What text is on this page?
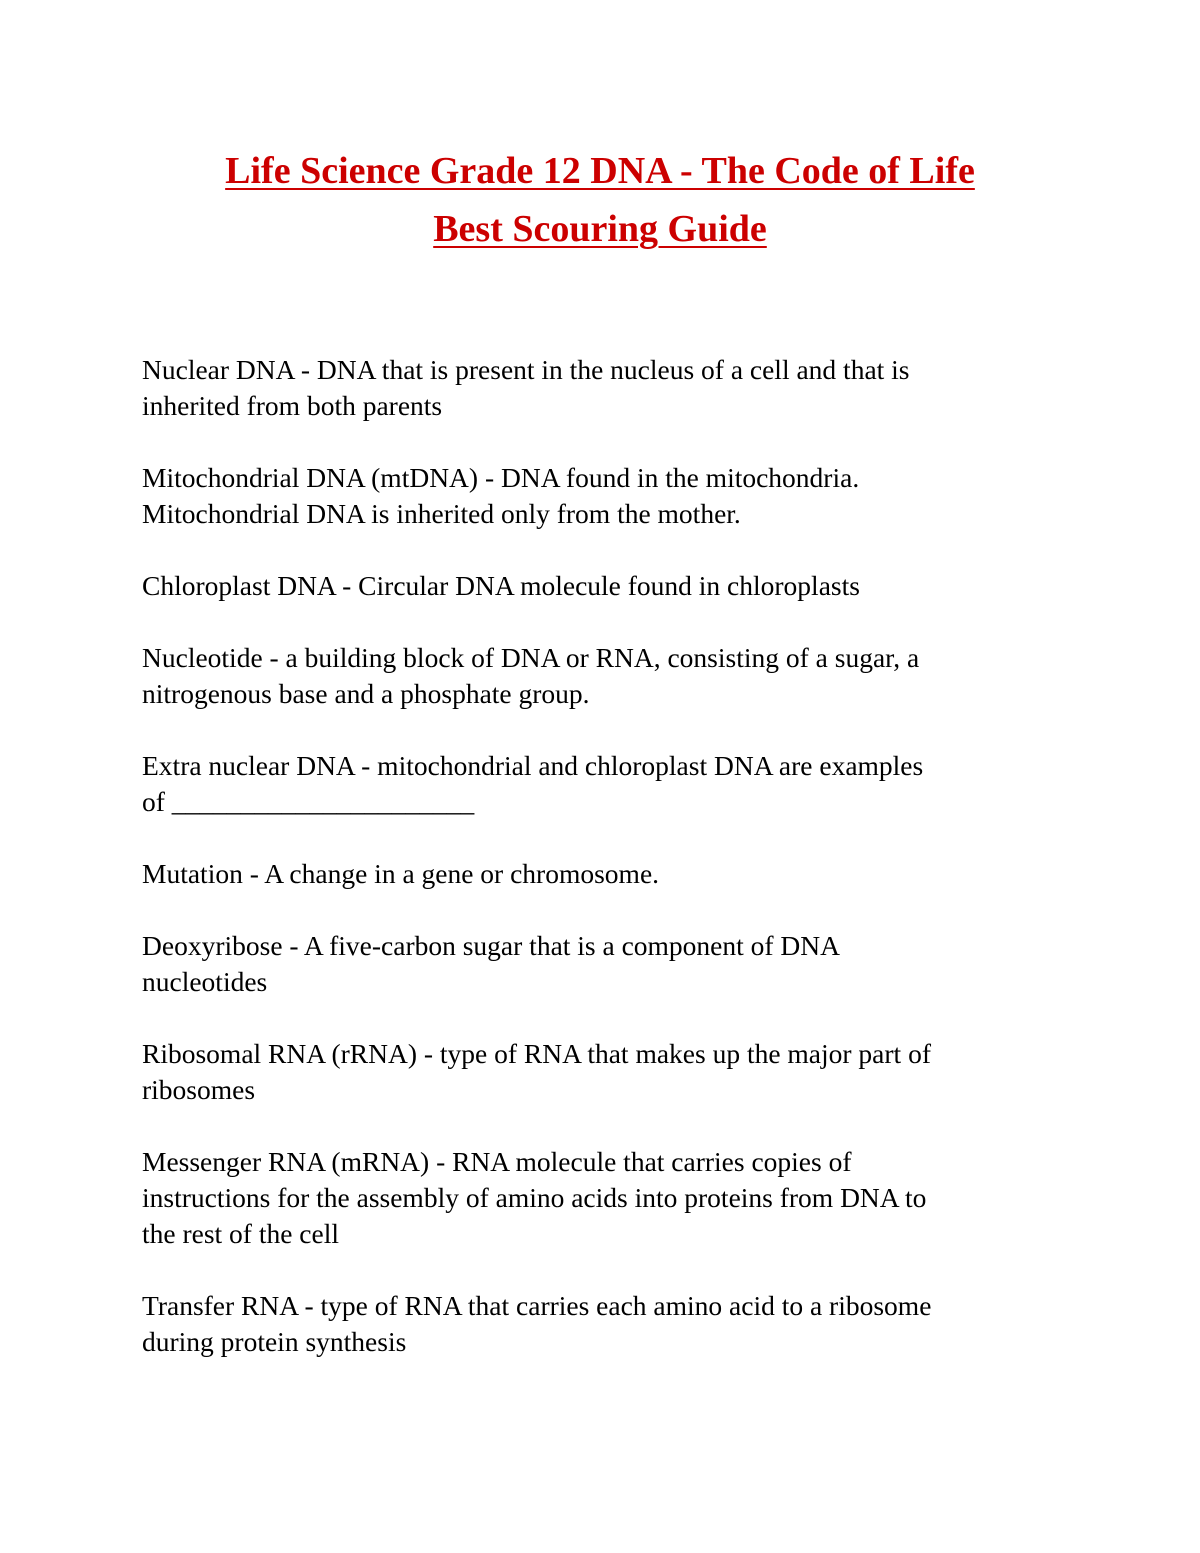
Life Science Grade 12 DNA - The Code of Life
Best Scouring Guide
Nuclear DNA - DNA that is present in the nucleus of a cell and that is
inherited from both parents
Mitochondrial DNA (mtDNA) - DNA found in the mitochondria.
Mitochondrial DNA is inherited only from the mother.
Chloroplast DNA - Circular DNA molecule found in chloroplasts
Nucleotide - a building block of DNA or RNA, consisting of a sugar, a
nitrogenous base and a phosphate group.
Extra nuclear DNA - mitochondrial and chloroplast DNA are examples
of ______________________
Mutation - A change in a gene or chromosome.
Deoxyribose - A five-carbon sugar that is a component of DNA
nucleotides
Ribosomal RNA (rRNA) - type of RNA that makes up the major part of
ribosomes
Messenger RNA (mRNA) - RNA molecule that carries copies of
instructions for the assembly of amino acids into proteins from DNA to
the rest of the cell
Transfer RNA - type of RNA that carries each amino acid to a ribosome
during protein synthesis
